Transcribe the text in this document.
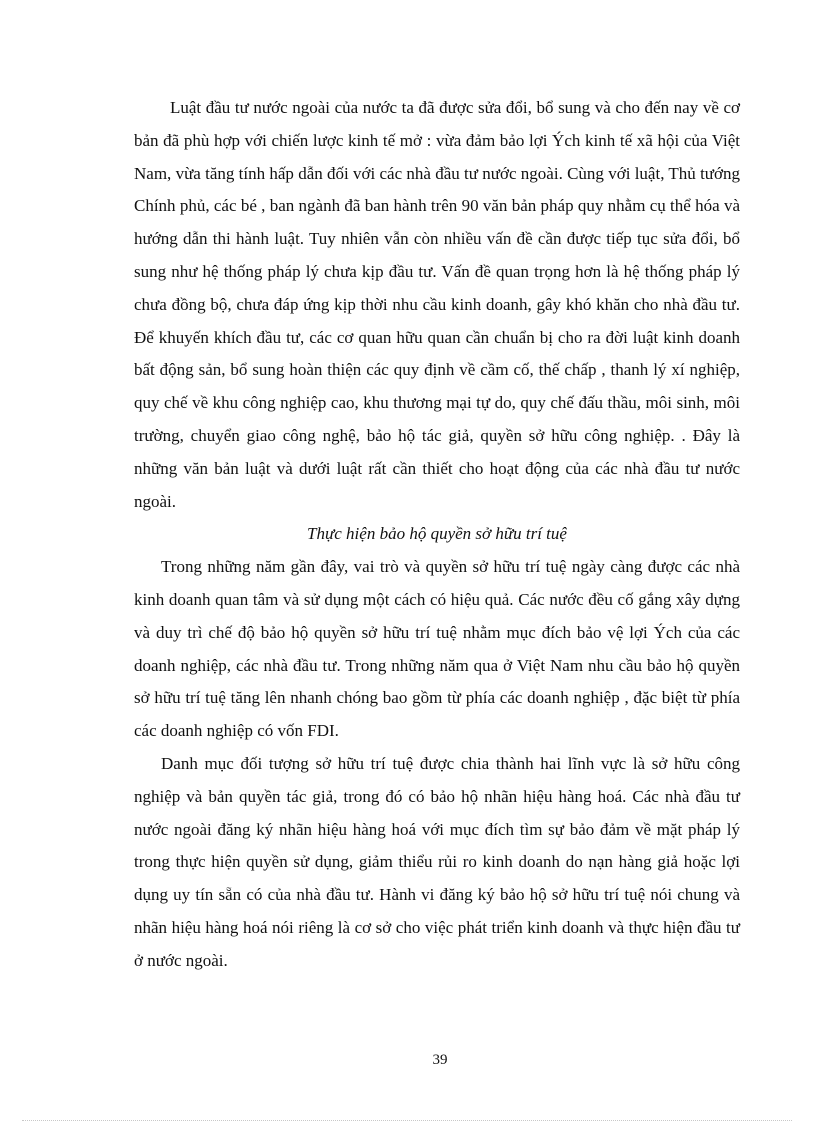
Luật đầu tư nước ngoài của nước ta đã được sửa đổi, bổ sung và cho đến nay về cơ bản đã phù hợp với chiến lược kinh tế mở : vừa đảm bảo lợi Ých kinh tế xã hội của Việt Nam, vừa tăng tính hấp dẫn đối với các nhà đầu tư nước ngoài. Cùng với luật, Thủ tướng Chính phủ, các bé , ban ngành đã ban hành trên 90 văn bản pháp quy nhằm cụ thể hóa và hướng dẫn thi hành luật. Tuy nhiên vẫn còn nhiều vấn đề cần được tiếp tục sửa đổi, bổ sung như hệ thống pháp lý chưa kịp đầu tư. Vấn đề quan trọng hơn là hệ thống pháp lý chưa đồng bộ, chưa đáp ứng kịp thời nhu cầu kinh doanh, gây khó khăn cho nhà đầu tư. Để khuyến khích đầu tư, các cơ quan hữu quan cần chuẩn bị cho ra đời luật kinh doanh bất động sản, bổ sung hoàn thiện các quy định về cầm cố, thế chấp , thanh lý xí nghiệp, quy chế về khu công nghiệp cao, khu thương mại tự do, quy chế đấu thầu, môi sinh, môi trường, chuyển giao công nghệ, bảo hộ tác giả, quyền sở hữu công nghiệp. . Đây là những văn bản luật và dưới luật rất cần thiết cho hoạt động của các nhà đầu tư nước ngoài.

Thực hiện bảo hộ quyền sở hữu trí tuệ

Trong những năm gần đây, vai trò và quyền sở hữu trí tuệ ngày càng được các nhà kinh doanh quan tâm và sử dụng một cách có hiệu quả. Các nước đều cố gắng xây dựng và duy trì chế độ bảo hộ quyền sở hữu trí tuệ nhằm mục đích bảo vệ lợi Ých của các doanh nghiệp, các nhà đầu tư. Trong những năm qua ở Việt Nam nhu cầu bảo hộ quyền sở hữu trí tuệ tăng lên nhanh chóng bao gồm từ phía các doanh nghiệp , đặc biệt từ phía các doanh nghiệp có vốn FDI.

Danh mục đối tượng sở hữu trí tuệ được chia thành hai lĩnh vực là sở hữu công nghiệp và bản quyền tác giả, trong đó có bảo hộ nhãn hiệu hàng hoá. Các nhà đầu tư nước ngoài đăng ký nhãn hiệu hàng hoá với mục đích tìm sự bảo đảm về mặt pháp lý trong thực hiện quyền sử dụng, giảm thiểu rủi ro kinh doanh do nạn hàng giả hoặc lợi dụng uy tín sẵn có của nhà đầu tư. Hành vi đăng ký bảo hộ sở hữu trí tuệ nói chung và nhãn hiệu hàng hoá nói riêng là cơ sở cho việc phát triển kinh doanh và thực hiện đầu tư ở nước ngoài.

39
